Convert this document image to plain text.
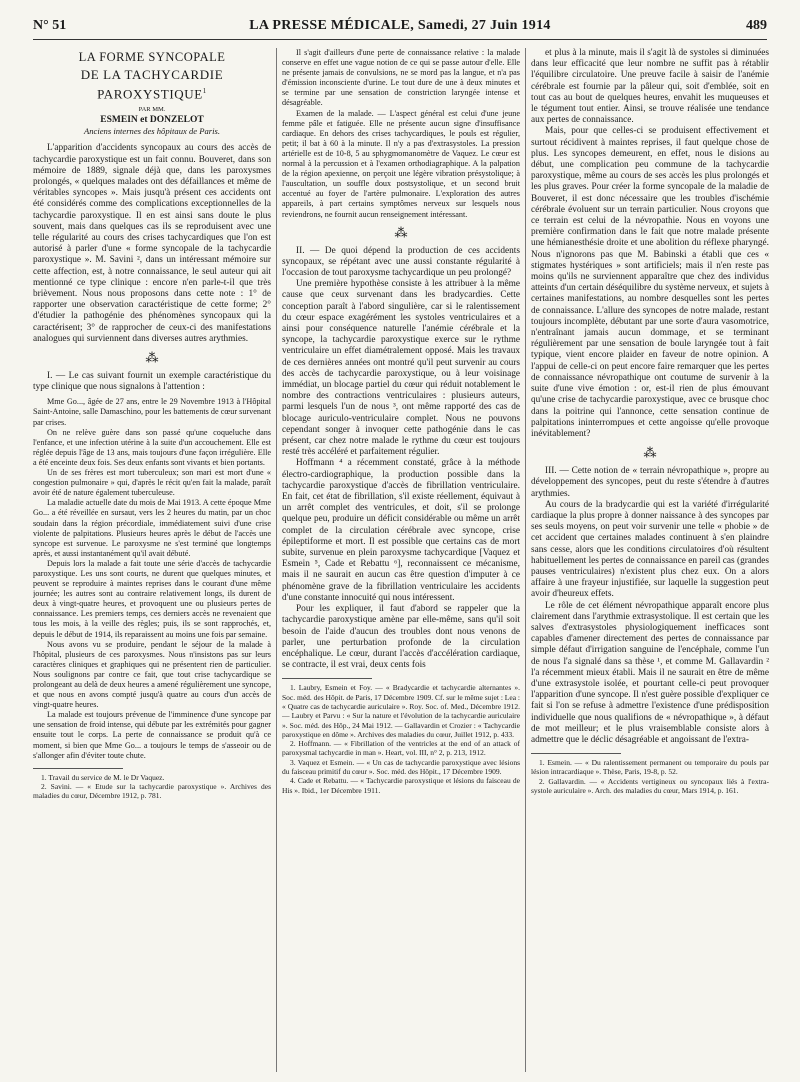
N° 51	LA PRESSE MÉDICALE, Samedi, 27 Juin 1914	489
LA FORME SYNCOPALE
DE LA TACHYCARDIE PAROXYSTIQUE$^1$
PAR MM.
ESMEIN et DONZELOT
Anciens internes des hôpitaux de Paris.

L'apparition d'accidents syncopaux au cours des accès de tachycardie paroxystique est un fait connu. Bouveret, dans son mémoire de 1889, signale déjà que, dans les paroxysmes prolongés, « quelques malades ont des défaillances et même de véritables syncopes ». Mais jusqu'à présent ces accidents ont été considérés comme des complications exceptionnelles de la tachycardie paroxystique. Il en est ainsi sans doute le plus souvent, mais dans quelques cas ils se reproduisent avec une telle régularité au cours des crises tachycardiques que l'on est autorisé à parler d'une « forme syncopale de la tachycardie paroxystique ». M. Savini ², dans un intéressant mémoire sur cette affection, est, à notre connaissance, le seul auteur qui ait mentionné ce type clinique : encore n'en parle-t-il que très brièvement. Nous nous proposons dans cette note : 1° de rapporter une observation caractéristique de cette forme; 2° d'étudier la pathogénie des phénomènes syncopaux qui la caractérisent; 3° de rapprocher de ceux-ci des manifestations analogues qui surviennent dans diverses autres arythmies.

⁂

I. — Le cas suivant fournit un exemple caractéristique du type clinique que nous signalons à l'attention :

Mme Go..., âgée de 27 ans, entre le 29 Novembre 1913 à l'Hôpital Saint-Antoine, salle Damaschino, pour les battements de cœur survenant par crises.

On ne relève guère dans son passé qu'une coqueluche dans l'enfance, et une infection utérine à la suite d'un accouchement. Elle est réglée depuis l'âge de 13 ans, mais toujours d'une façon irrégulière. Elle a été enceinte deux fois. Ses deux enfants sont vivants et bien portants.

Un de ses frères est mort tuberculeux; son mari est mort d'une « congestion pulmonaire » qui, d'après le récit qu'en fait la malade, paraît avoir été de nature également tuberculeuse.

La maladie actuelle date du mois de Mai 1913. A cette époque Mme Go... a été réveillée en sursaut, vers les 2 heures du matin, par un choc soudain dans la région précordiale, immédiatement suivi d'une crise violente de palpitations. Plusieurs heures après le début de l'accès une syncope est survenue. Le paroxysme ne s'est terminé que longtemps après, et aussi instantanément qu'il avait débuté.

Depuis lors la malade a fait toute une série d'accès de tachycardie paroxystique. Les uns sont courts, ne durent que quelques minutes, et peuvent se reproduire à maintes reprises dans le courant d'une même journée; les autres sont au contraire relativement longs, ils durent de deux à vingt-quatre heures, et provoquent une ou plusieurs pertes de connaissance. Les premiers temps, ces derniers accès ne revenaient que tous les mois, à la veille des règles; puis, ils se sont rapprochés, et, depuis le début de 1914, ils reparaissent au moins une fois par semaine.

Nous avons vu se produire, pendant le séjour de la malade à l'hôpital, plusieurs de ces paroxysmes. Nous n'insistons pas sur leurs caractères cliniques et graphiques qui ne présentent rien de particulier. Nous soulignons par contre ce fait, que tout crise tachycardique se prolongeant au delà de deux heures a amené régulièrement une syncope, et que nous en avons compté jusqu'à quatre au cours d'un accès de vingt-quatre heures.

La malade est toujours prévenue de l'imminence d'une syncope par une sensation de froid intense, qui débute par les extrémités pour gagner ensuite tout le corps. La perte de connaissance se produit qu'à ce moment, si bien que Mme Go... a toujours le temps de s'asseoir ou de s'allonger afin d'éviter toute chute.

1. Travail du service de M. le Dr Vaquez.

2. Savini. — « Etude sur la tachycardie paroxystique ». Archives des maladies du cœur, Décembre 1912, p. 781.

Il s'agit d'ailleurs d'une perte de connaissance relative : la malade conserve en effet une vague notion de ce qui se passe autour d'elle. Elle ne présente jamais de convulsions, ne se mord pas la langue, et n'a pas d'émission inconsciente d'urine. Le tout dure de une à deux minutes et se termine par une sensation de constriction laryngée intense et désagréable.

Examen de la malade. — L'aspect général est celui d'une jeune femme pâle et fatiguée. Elle ne présente aucun signe d'insuffisance cardiaque. En dehors des crises tachycardiques, le pouls est régulier, petit; il bat à 60 à la minute. Il n'y a pas d'extrasystoles. La pression artérielle est de 10-8, 5 au sphygmomanomètre de Vaquez. Le cœur est normal à la percussion et à l'examen orthodiagraphique. A la palpation de la région apexienne, on perçoit une légère vibration présystolique; à l'auscultation, un souffle doux postsystolique, et un second bruit accentué au foyer de l'artère pulmonaire. L'exploration des autres appareils, à part certains symptômes nerveux sur lesquels nous reviendrons, ne fournit aucun renseignement intéressant.

⁂

II. — De quoi dépend la production de ces accidents syncopaux, se répétant avec une aussi constante régularité à l'occasion de tout paroxysme tachycardique un peu prolongé?

Une première hypothèse consiste à les attribuer à la même cause que ceux survenant dans les bradycardies. Cette conception paraît à l'abord singulière, car si le ralentissement du cœur espace exagérément les systoles ventriculaires et a ainsi pour conséquence naturelle l'anémie cérébrale et la syncope, la tachycardie paroxystique exerce sur le rythme ventriculaire un effet diamétralement opposé. Mais les travaux de ces dernières années ont montré qu'il peut survenir au cours des accès de tachycardie paroxystique, ou à leur voisinage immédiat, un blocage partiel du cœur qui réduit notablement le nombre des contractions ventriculaires : plusieurs auteurs, parmi lesquels l'un de nous ³, ont même rapporté des cas de blocage auriculo-ventriculaire complet. Nous ne pouvons cependant songer à invoquer cette pathogénie dans le cas présent, car chez notre malade le rythme du cœur est toujours resté très accéléré et parfaitement régulier.

Hoffmann ⁴ a récemment constaté, grâce à la méthode électro-cardiographique, la production possible dans la tachycardie paroxystique d'accès de fibrillation ventriculaire. En fait, cet état de fibrillation, s'il existe réellement, équivaut à un arrêt complet des ventricules, et doit, s'il se prolonge quelque peu, produire un déficit considérable ou même un arrêt complet de la circulation cérébrale avec syncope, crise épileptiforme et mort. Il est possible que certains cas de mort subite, survenue en plein paroxysme tachycardique [Vaquez et Esmein ⁵, Cade et Rebattu ⁶], reconnaissent ce mécanisme, mais il ne saurait en aucun cas être question d'imputer à ce phénomène grave de la fibrillation ventriculaire les accidents d'une constante innocuité qui nous intéressent.

Pour les expliquer, il faut d'abord se rappeler que la tachycardie paroxystique amène par elle-même, sans qu'il soit besoin de l'aide d'aucun des troubles dont nous venons de parler, une perturbation profonde de la circulation encéphalique. Le cœur, durant l'accès d'accélération cardiaque, se contracte, il est vrai, deux cents fois

1. Laubry, Esmein et Foy. — « Bradycardie et tachycardie alternantes ». Soc. méd. des Hôpit. de Paris, 17 Décembre 1909. Cf. sur le même sujet : Lea : « Quatre cas de tachycardie auriculaire ». Roy. Soc. of. Med., Décembre 1912. — Laubry et Parvu : « Sur la nature et l'évolution de la tachycardie auriculaire ». Soc. méd. des Hôp., 24 Mai 1912. — Gallavardin et Crozier : « Tachycardie paroxystique en dôme ». Archives des maladies du cœur, Juillet 1912, p. 433.

2. Hoffmann. — « Fibrillation of the ventricles at the end of an attack of paroxysmal tachycardie in man ». Heart, vol. III, n° 2, p. 213, 1912.

3. Vaquez et Esmein. — « Un cas de tachycardie paroxystique avec lésions du faisceau primitif du cœur ». Soc. méd. des Hôpit., 17 Décembre 1909.

4. Cade et Rebattu. — « Tachycardie paroxystique et lésions du faisceau de His ». Ibid., 1er Décembre 1911.

et plus à la minute, mais il s'agit là de systoles si diminuées dans leur efficacité que leur nombre ne suffit pas à rétablir l'équilibre circulatoire. Une preuve facile à saisir de l'anémie cérébrale est fournie par la pâleur qui, soit d'emblée, soit en tout cas au bout de quelques heures, envahit les muqueuses et le tégument tout entier. Ainsi, se trouve réalisée une tendance aux pertes de connaissance.

Mais, pour que celles-ci se produisent effectivement et surtout récidivent à maintes reprises, il faut quelque chose de plus. Les syncopes demeurent, en effet, nous le disions au début, une complication peu commune de la tachycardie paroxystique, même au cours de ses accès les plus prolongés et les plus graves. Pour créer la forme syncopale de la maladie de Bouveret, il est donc nécessaire que les troubles d'ischémie cérébrale évoluent sur un terrain particulier. Nous croyons que ce terrain est celui de la névropathie. Nous en voyons une première confirmation dans le fait que notre malade présente une hémianesthésie droite et une abolition du réflexe pharyngé. Nous n'ignorons pas que M. Babinski a établi que ces « stigmates hystériques » sont artificiels; mais il n'en reste pas moins qu'ils ne surviennent apparaître que chez des individus atteints d'un certain déséquilibre du système nerveux, et sujets à certaines manifestations, au nombre desquelles sont les pertes de connaissance. L'allure des syncopes de notre malade, restant toujours incomplète, débutant par une sorte d'aura vasomotrice, n'entraînant jamais aucun dommage, et se terminant régulièrement par une sensation de boule laryngée tout à fait typique, vient encore plaider en faveur de notre opinion. A l'appui de celle-ci on peut encore faire remarquer que les pertes de connaissance névropathique ont coutume de survenir à la suite d'une vive émotion : or, est-il rien de plus émouvant qu'une crise de tachycardie paroxystique, avec ce brusque choc dans la poitrine qui l'annonce, cette sensation continue de palpitations ininterrompues et cette angoisse qu'elle provoque inévitablement?

⁂

III. — Cette notion de « terrain névropathique », propre au développement des syncopes, peut du reste s'étendre à d'autres arythmies.

Au cours de la bradycardie qui est la variété d'irrégularité cardiaque la plus propre à donner naissance à des syncopes par ses seuls moyens, on peut voir survenir une telle « phobie » de cet accident que certaines malades continuent à s'en plaindre sans cesse, alors que les conditions circulatoires d'où résultent habituellement les pertes de connaissance en pareil cas (grandes pauses ventriculaires) n'existent plus chez eux. On a alors affaire à une frayeur injustifiée, sur laquelle la suggestion peut avoir d'heureux effets.

Le rôle de cet élément névropathique apparaît encore plus clairement dans l'arythmie extrasystolique. Il est certain que les salves d'extrasystoles physiologiquement inefficaces sont capables d'amener directement des pertes de connaissance par simple défaut d'irrigation sanguine de l'encéphale, comme l'un de nous l'a signalé dans sa thèse ¹, et comme M. Gallavardin ² l'a récemment mieux établi. Mais il ne saurait en être de même d'une extrasystole isolée, et pourtant celle-ci peut provoquer l'apparition d'une syncope. Il n'est guère possible d'expliquer ce fait si l'on se refuse à admettre l'existence d'une prédisposition individuelle que nous qualifions de « névropathique », à défaut de mot meilleur; et le plus vraisemblable consiste alors à admettre que le déclic désagréable et angoissant de l'extra-

1. Esmein. — « Du ralentissement permanent ou temporaire du pouls par lésion intracardiaque ». Thèse, Paris, 19-8, p. 52.

2. Gallavardin. — « Accidents vertigineux ou syncopaux liés à l'extra-systole auriculaire ». Arch. des maladies du cœur, Mars 1914, p. 161.
